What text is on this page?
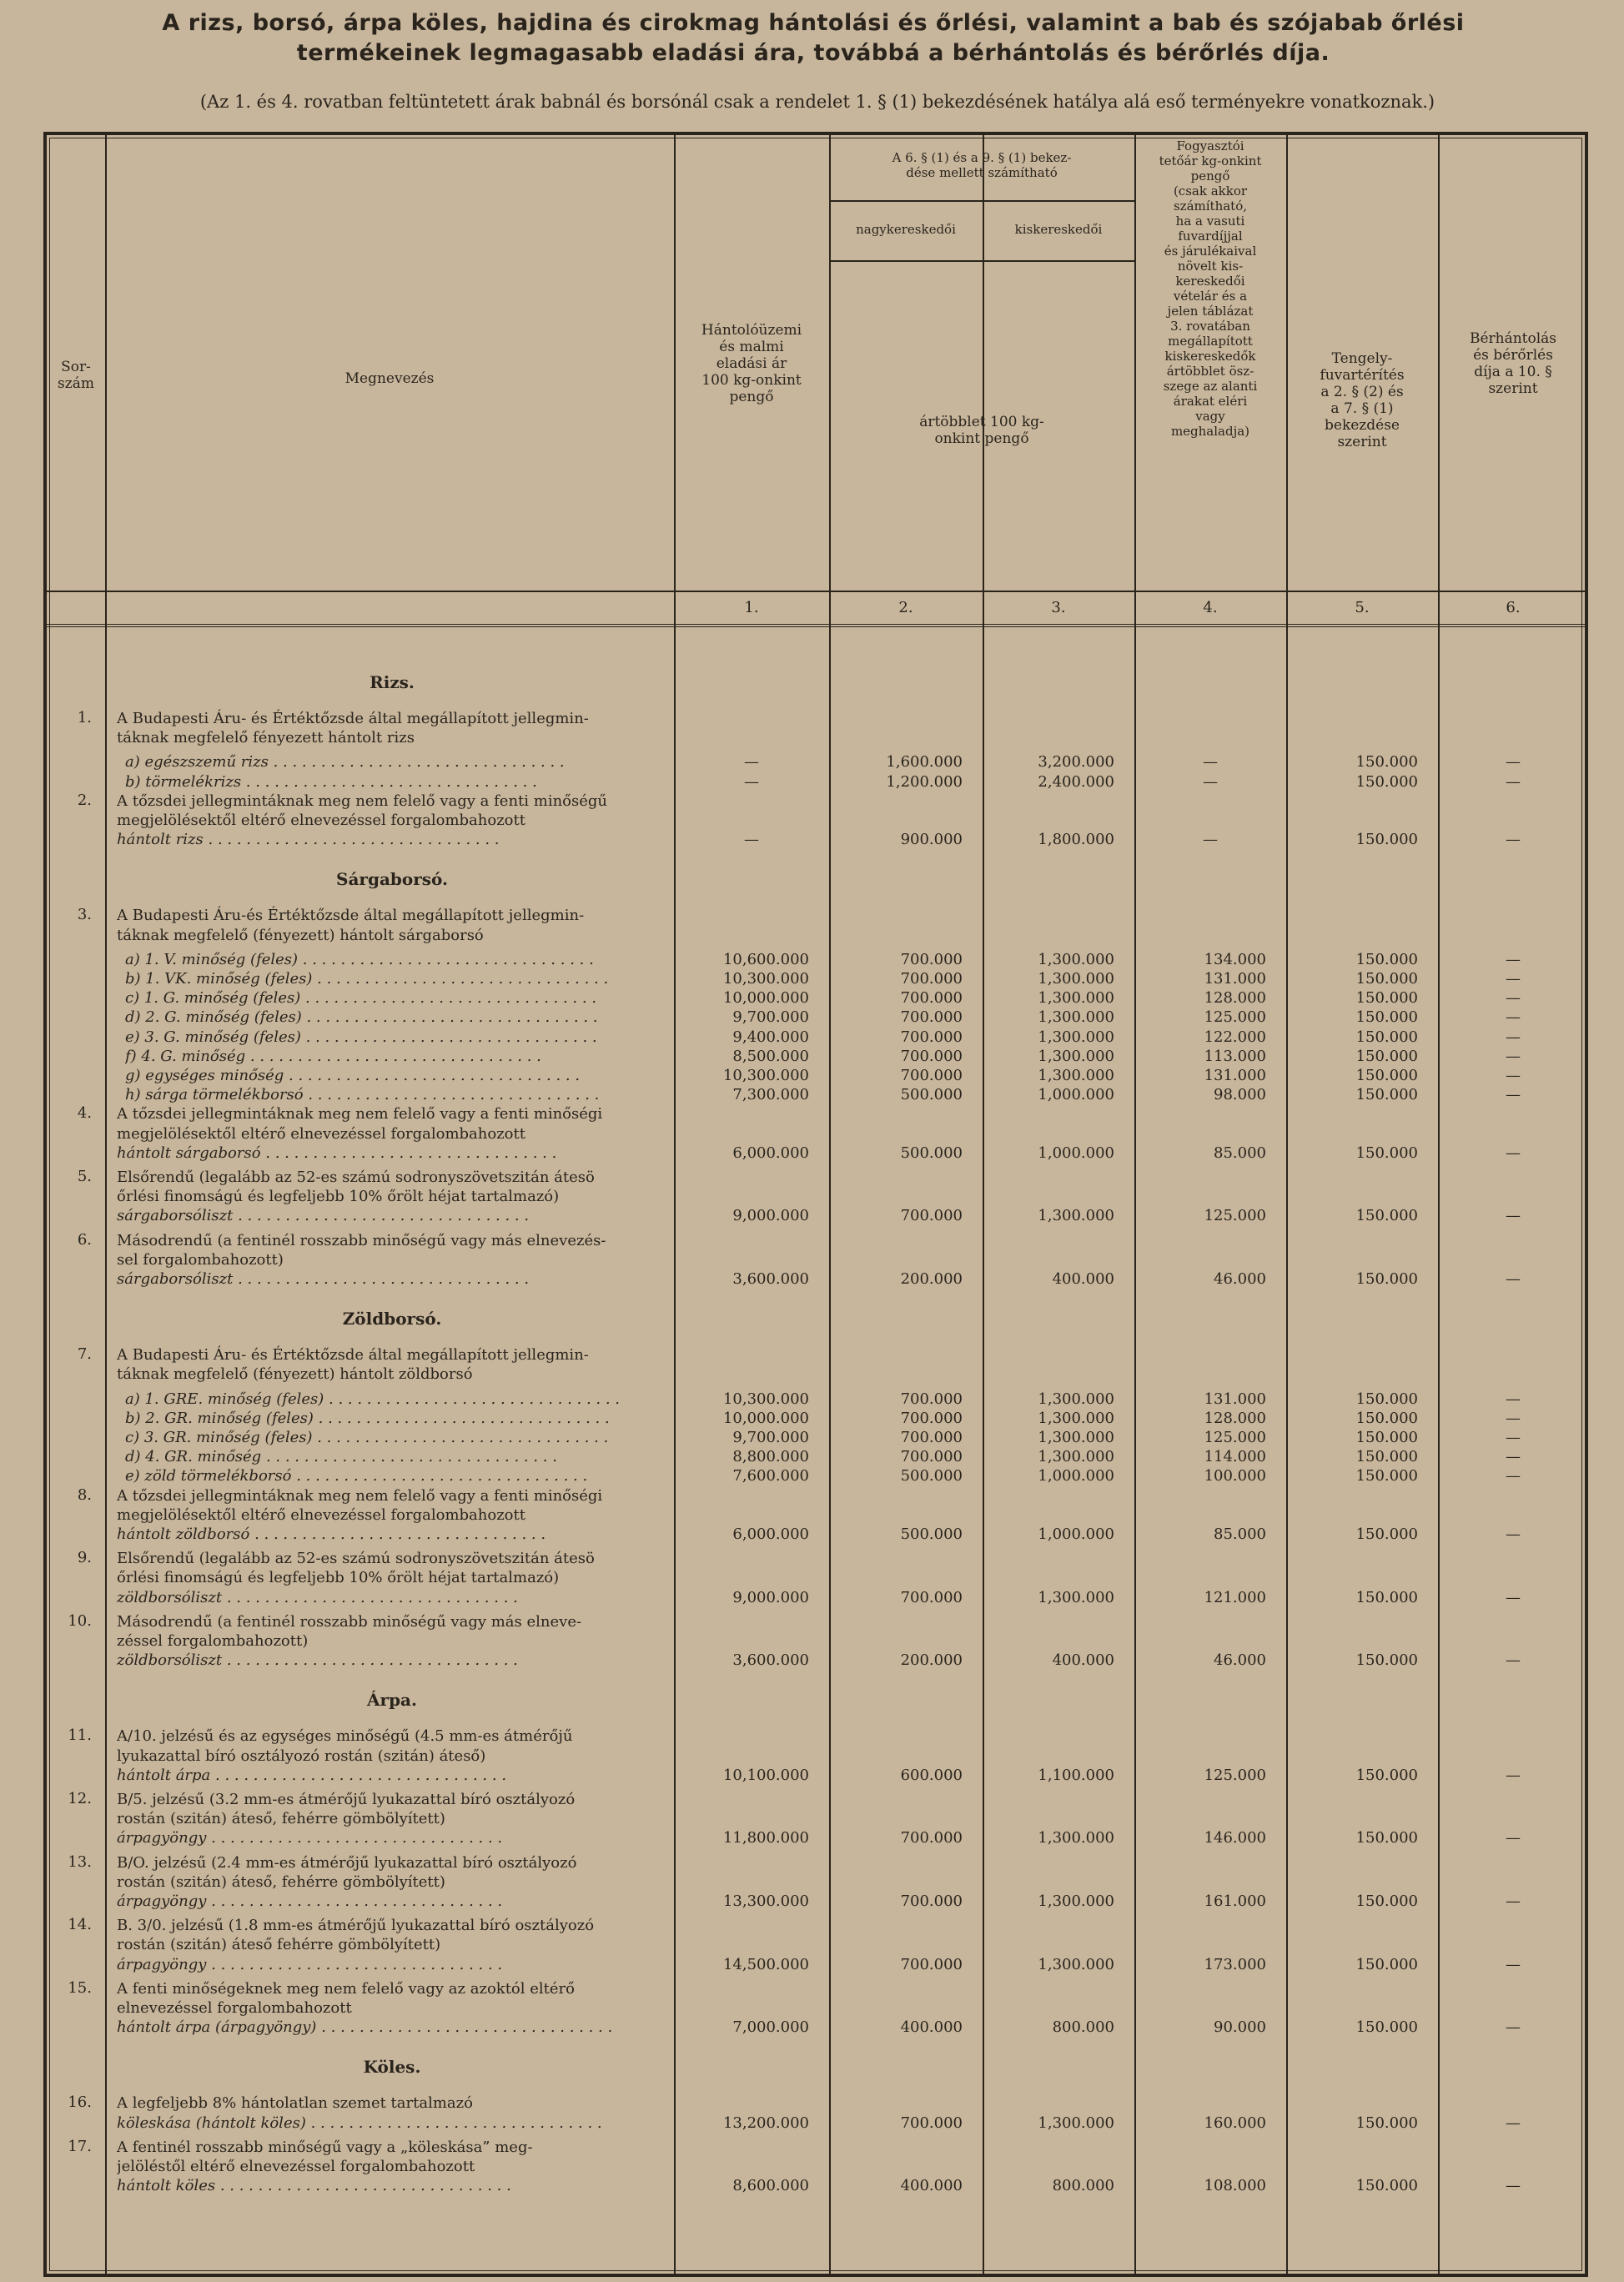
A rizs, borsó, árpa köles, hajdina és cirokmag hántolási és őrlési, valamint a bab és szójabab őrlési
termékeinek legmagasabb eladási ára, továbbá a bérhántolás és bérőrlés díja.
(Az 1. és 4. rovatban feltüntetett árak babnál és borsónál csak a rendelet 1. § (1) bekezdésének hatálya alá eső terményekre vonatkoznak.)
Sor-
szám	Megnevezés
Hántolóüzemi
és malmi
eladási ár
100 kg-onkint
pengő
A 6. § (1) és a 9. § (1) bekez-
dése mellett számítható
nagykereskedői	kiskereskedői
ártöbblet 100 kg-
onkint pengő
Fogyasztói
tetőár kg-onkint
pengő
(csak akkor
számítható,
ha a vasuti
fuvardíjjal
és járulékaival
növelt kis-
kereskedői
vételár és a
jelen táblázat
3. rovatában
megállapított
kiskereskedők
ártöbblet ösz-
szege az alanti
árakat eléri
vagy
meghaladja)
Tengely-
fuvartérítés
a 2. § (2) és
a 7. § (1)
bekezdése
szerint
Bérhántolás
és bérőrlés
díja a 10. §
szerint
1.	2.	3.	4.	5.	6.
Rizs.
1. A Budapesti Áru- és Értéktőzsde által megállapított jellegmin-
táknak megfelelő fényezett hántolt rizs
a) egészszemű rizs . . .	—	1,600.000	3,200.000	—	150.000	—
b) törmelékrizs . . .	—	1,200.000	2,400.000	—	150.000	—
2. A tőzsdei jellegmintáknak meg nem felelő vagy a fenti minőségű
megjelölésektől eltérő elnevezéssel forgalombahozott
hántolt rizs . . .	—	900.000	1,800.000	—	150.000	—
Sárgaborsó.
3. A Budapesti Áru-és Értéktőzsde által megállapított jellegmin-
táknak megfelelő (fényezett) hántolt sárgaborsó
a) 1. V. minőség (feles) . . .	10,600.000	700.000	1,300.000	134.000	150.000	—
b) 1. VK. minőség (feles) . . .	10,300.000	700.000	1,300.000	131.000	150.000	—
c) 1. G. minőség (feles) . . .	10,000.000	700.000	1,300.000	128.000	150.000	—
d) 2. G. minőség (feles) . . .	9,700.000	700.000	1,300.000	125.000	150.000	—
e) 3. G. minőség (feles) . . .	9,400.000	700.000	1,300.000	122.000	150.000	—
f) 4. G. minőség . . .	8,500.000	700.000	1,300.000	113.000	150.000	—
g) egységes minőség . . .	10,300.000	700.000	1,300.000	131.000	150.000	—
h) sárga törmelékborsó . . .	7,300.000	500.000	1,000.000	98.000	150.000	—
4. A tőzsdei jellegmintáknak meg nem felelő vagy a fenti minőségi
megjelölésektől eltérő elnevezéssel forgalombahozott
hántolt sárgaborsó . . .	6,000.000	500.000	1,000.000	85.000	150.000	—
5. Elsőrendű (legalább az 52-es számú sodronyszövetszitán átesö
őrlési finomságú és legfeljebb 10% őrölt héjat tartalmazó)
sárgaborsóliszt . . .	9,000.000	700.000	1,300.000	125.000	150.000	—
6. Másodrendű (a fentinél rosszabb minőségű vagy más elnevezés-
sel forgalombahozott)
sárgaborsóliszt . . .	3,600.000	200.000	400.000	46.000	150.000	—
Zöldborsó.
7. A Budapesti Áru- és Értéktőzsde által megállapított jellegmin-
táknak megfelelő (fényezett) hántolt zöldborsó
a) 1. GRE. minőség (feles) . . .	10,300.000	700.000	1,300.000	131.000	150.000	—
b) 2. GR. minőség (feles) . . .	10,000.000	700.000	1,300.000	128.000	150.000	—
c) 3. GR. minőség (feles) . . .	9,700.000	700.000	1,300.000	125.000	150.000	—
d) 4. GR. minőség . . .	8,800.000	700.000	1,300.000	114.000	150.000	—
e) zöld törmelékborsó . . .	7,600.000	500.000	1,000.000	100.000	150.000	—
8. A tőzsdei jellegmintáknak meg nem felelő vagy a fenti minőségi
megjelölésektől eltérő elnevezéssel forgalombahozott
hántolt zöldborsó . . .	6,000.000	500.000	1,000.000	85.000	150.000	—
9. Elsőrendű (legalább az 52-es számú sodronyszövetszitán átesö
őrlési finomságú és legfeljebb 10% őrölt héjat tartalmazó)
zöldborsóliszt . . .	9,000.000	700.000	1,300.000	121.000	150.000	—
10. Másodrendű (a fentinél rosszabb minőségű vagy más elneve-
zéssel forgalombahozott)
zöldborsóliszt . . .	3,600.000	200.000	400.000	46.000	150.000	—
Árpa.
11. A/10. jelzésű és az egységes minőségű (4.5 mm-es átmérőjű
lyukazattal bíró osztályozó rostán (szitán) áteső)
hántolt árpa . . .	10,100.000	600.000	1,100.000	125.000	150.000	—
12. B/5. jelzésű (3.2 mm-es átmérőjű lyukazattal bíró osztályozó
rostán (szitán) áteső, fehérre gömbölyített)
árpagyöngy . . .	11,800.000	700.000	1,300.000	146.000	150.000	—
13. B/O. jelzésű (2.4 mm-es átmérőjű lyukazattal bíró osztályozó
rostán (szitán) áteső, fehérre gömbölyített)
árpagyöngy . . .	13,300.000	700.000	1,300.000	161.000	150.000	—
14. B. 3/0. jelzésű (1.8 mm-es átmérőjű lyukazattal bíró osztályozó
rostán (szitán) áteső fehérre gömbölyített)
árpagyöngy . . .	14,500.000	700.000	1,300.000	173.000	150.000	—
15. A fenti minőségeknek meg nem felelő vagy az azoktól eltérő
elnevezéssel forgalombahozott
hántolt árpa (árpagyöngy) . . .	7,000.000	400.000	800.000	90.000	150.000	—
Köles.
16. A legfeljebb 8% hántolatlan szemet tartalmazó
köleskása (hántolt köles) . . .	13,200.000	700.000	1,300.000	160.000	150.000	—
17. A fentinél rosszabb minőségű vagy a „köleskása” meg-
jelöléstől eltérő elnevezéssel forgalombahozott
hántolt köles . . .	8,600.000	400.000	800.000	108.000	150.000	—
